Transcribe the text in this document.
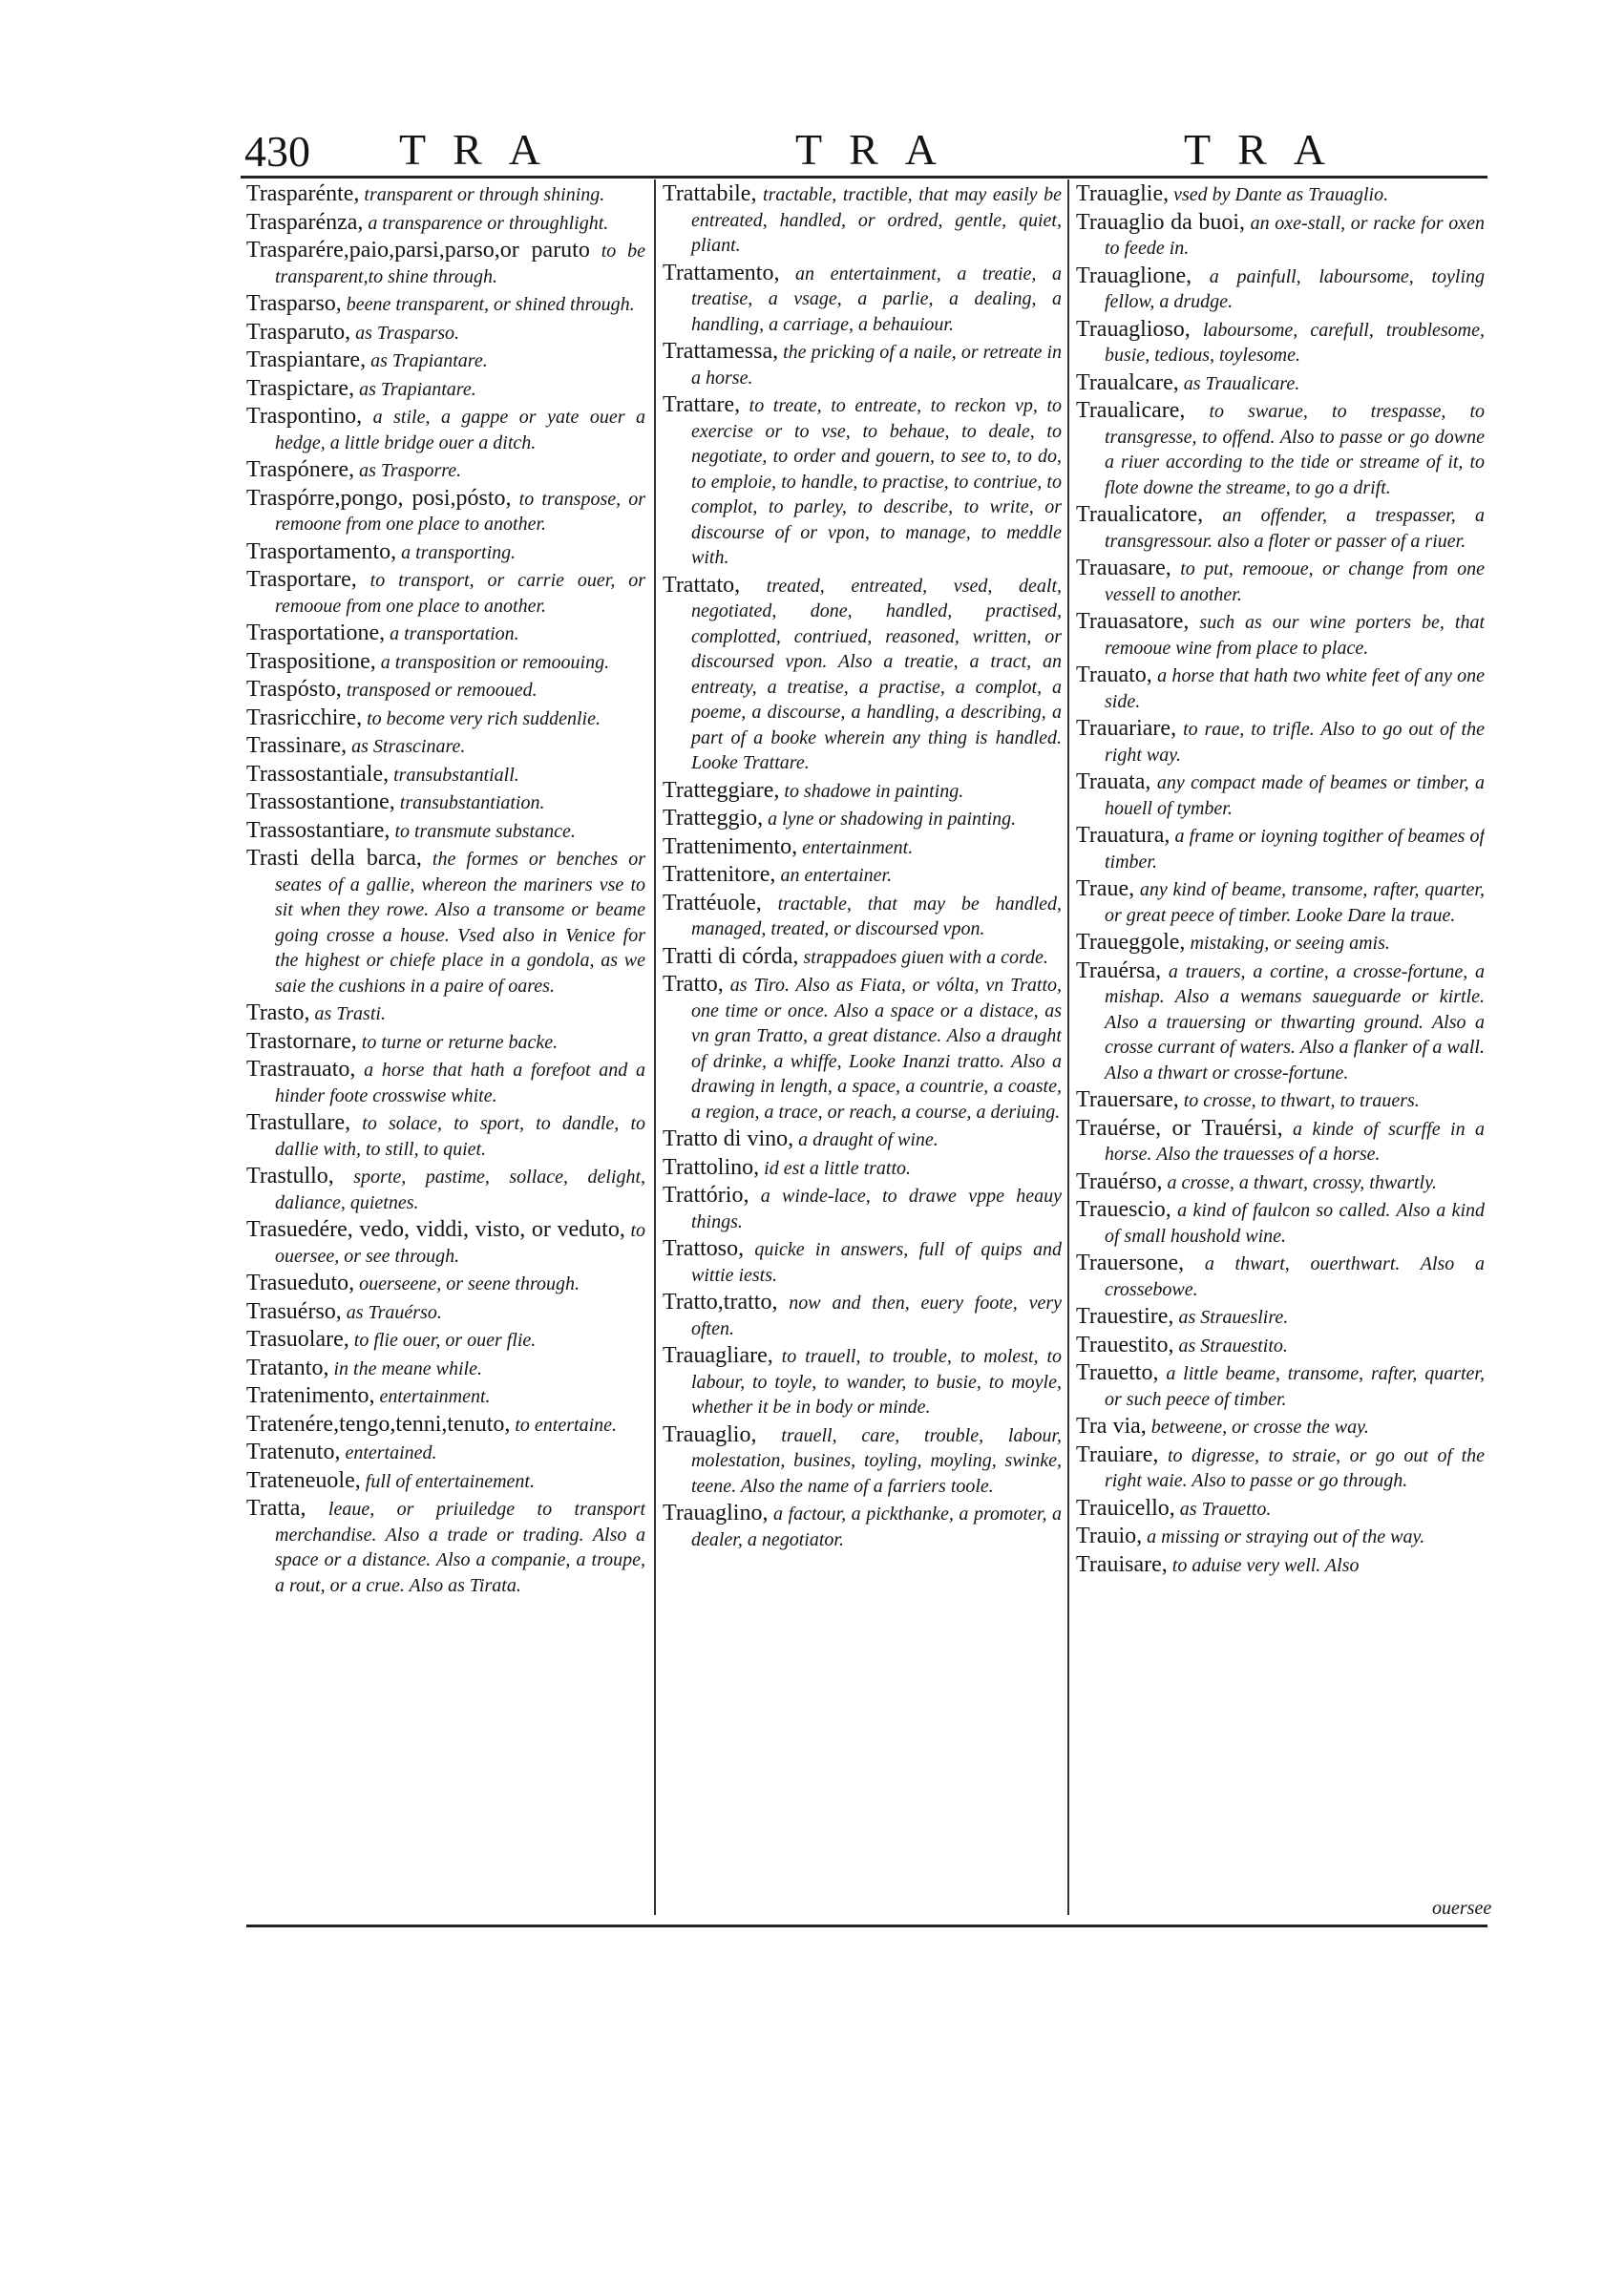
430 TRA	TRA	TRA

Trasparénte, transparent or through shining.

Trasparénza, a transparence or throughlight.

Trasparére,paio,parsi,parso,or paruto to be transparent,to shine through.

Trasparso, beene transparent, or shined through.

Trasparuto, as Trasparso.

Traspiantare, as Trapiantare.

Traspictare, as Trapiantare.

Traspontino, a stile, a gappe or yate ouer a hedge, a little bridge ouer a ditch.

Traspónere, as Trasporre.

Traspórre,pongo, posi,pósto, to transpose, or remoone from one place to another.

Trasportamento, a transporting.

Trasportare, to transport, or carrie ouer, or remooue from one place to another.

Trasportatione, a transportation.

Traspositione, a transposition or remoouing.

Traspósto, transposed or remooued.

Trasricchire, to become very rich suddenlie.

Trassinare, as Strascinare.

Trassostantiale, transubstantiall.

Trassostantione, transubstantiation.

Trassostantiare, to transmute substance.

Trasti della barca, the formes or benches or seates of a gallie, whereon the mariners vse to sit when they rowe. Also a transome or beame going crosse a house. Vsed also in Venice for the highest or chiefe place in a gondola, as we saie the cushions in a paire of oares.

Trasto, as Trasti.

Trastornare, to turne or returne backe.

Trastrauato, a horse that hath a forefoot and a hinder foote crosswise white.

Trastullare, to solace, to sport, to dandle, to dallie with, to still, to quiet.

Trastullo, sporte, pastime, sollace, delight, daliance, quietnes.

Trasuedére, vedo, viddi, visto, or veduto, to ouersee, or see through.

Trasueduto, ouerseene, or seene through.

Trasuérso, as Trauérso.

Trasuolare, to flie ouer, or ouer flie.

Tratanto, in the meane while.

Tratenimento, entertainment.

Tratenére,tengo,tenni,tenuto, to entertaine.

Tratenuto, entertained.

Trateneuole, full of entertainement.

Tratta, leaue, or priuiledge to transport merchandise. Also a trade or trading. Also a space or a distance. Also a companie, a troupe, a rout, or a crue. Also as Tirata.

Trattabile, tractable, tractible, that may easily be entreated, handled, or ordred, gentle, quiet, pliant.

Trattamento, an entertainment, a treatie, a treatise, a vsage, a parlie, a dealing, a handling, a carriage, a behauiour.

Trattamessa, the pricking of a naile, or retreate in a horse.

Trattare, to treate, to entreate, to reckon vp, to exercise or to vse, to behaue, to deale, to negotiate, to order and gouern, to see to, to do, to emploie, to handle, to practise, to contriue, to complot, to parley, to describe, to write, or discourse of or vpon, to manage, to meddle with.

Trattato, treated, entreated, vsed, dealt, negotiated, done, handled, practised, complotted, contriued, reasoned, written, or discoursed vpon. Also a treatie, a tract, an entreaty, a treatise, a practise, a complot, a poeme, a discourse, a handling, a describing, a part of a booke wherein any thing is handled. Looke Trattare.

Tratteggiare, to shadowe in painting.

Tratteggio, a lyne or shadowing in painting.

Trattenimento, entertainment.

Trattenitore, an entertainer.

Trattéuole, tractable, that may be handled, managed, treated, or discoursed vpon.

Tratti di córda, strappadoes giuen with a corde.

Tratto, as Tiro. Also as Fiata, or vólta, vn Tratto, one time or once. Also a space or a distace, as vn gran Tratto, a great distance. Also a draught of drinke, a whiffe, Looke Inanzi tratto. Also a drawing in length, a space, a countrie, a coaste, a region, a trace, or reach, a course, a deriuing.

Tratto di vino, a draught of wine.

Trattolino, id est a little tratto.

Trattório, a winde-lace, to drawe vppe heauy things.

Trattoso, quicke in answers, full of quips and wittie iests.

Tratto,tratto, now and then, euery foote, very often.

Trauagliare, to trauell, to trouble, to molest, to labour, to toyle, to wander, to busie, to moyle, whether it be in body or minde.

Trauaglio, trauell, care, trouble, labour, molestation, busines, toyling, moyling, swinke, teene. Also the name of a farriers toole.

Trauaglino, a factour, a pickthanke, a promoter, a dealer, a negotiator.

Trauaglie, vsed by Dante as Trauaglio.

Trauaglio da buoi, an oxe-stall, or racke for oxen to feede in.

Trauaglione, a painfull, laboursome, toyling fellow, a drudge.

Trauaglioso, laboursome, carefull, troublesome, busie, tedious, toylesome.

Traualcare, as Traualicare.

Traualicare, to swarue, to trespasse, to transgresse, to offend. Also to passe or go downe a riuer according to the tide or streame of it, to flote downe the streame, to go a drift.

Traualicatore, an offender, a trespasser, a transgressour. also a floter or passer of a riuer.

Trauasare, to put, remooue, or change from one vessell to another.

Trauasatore, such as our wine porters be, that remooue wine from place to place.

Trauato, a horse that hath two white feet of any one side.

Trauariare, to raue, to trifle. Also to go out of the right way.

Trauata, any compact made of beames or timber, a houell of tymber.

Trauatura, a frame or ioyning togither of beames of timber.

Traue, any kind of beame, transome, rafter, quarter, or great peece of timber. Looke Dare la traue.

Traueggole, mistaking, or seeing amis.

Trauérsa, a trauers, a cortine, a crosse-fortune, a mishap. Also a wemans saueguarde or kirtle. Also a trauersing or thwarting ground. Also a crosse currant of waters. Also a flanker of a wall. Also a thwart or crosse-fortune.

Trauersare, to crosse, to thwart, to trauers.

Trauérse, or Trauérsi, a kinde of scurffe in a horse. Also the trauesses of a horse.

Trauérso, a crosse, a thwart, crossy, thwartly.

Trauescio, a kind of faulcon so called. Also a kind of small houshold wine.

Trauersone, a thwart, ouerthwart. Also a crossebowe.

Trauestire, as Straueslire.

Trauestito, as Strauestito.

Trauetto, a little beame, transome, rafter, quarter, or such peece of timber.

Tra via, betweene, or crosse the way.

Trauiare, to digresse, to straie, or go out of the right waie. Also to passe or go through.

Trauicello, as Trauetto.

Trauio, a missing or straying out of the way.

Trauisare, to aduise very well. Also

ouersee
